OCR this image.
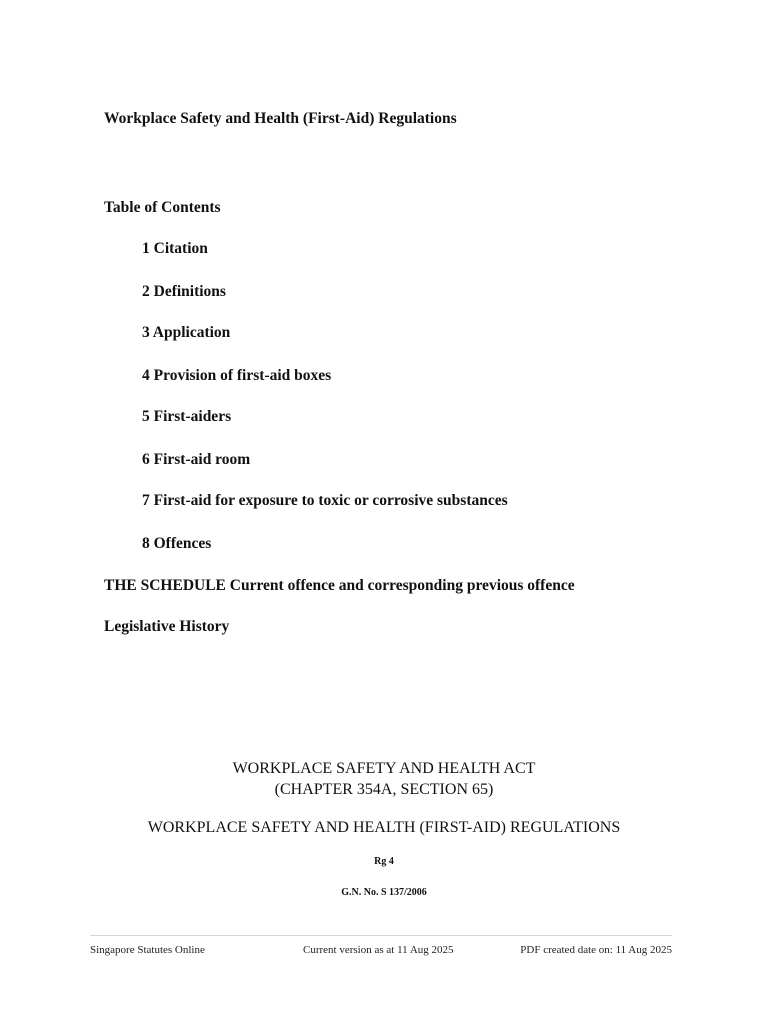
Workplace Safety and Health (First-Aid) Regulations
Table of Contents
1 Citation
2 Definitions
3 Application
4 Provision of first-aid boxes
5 First-aiders
6 First-aid room
7 First-aid for exposure to toxic or corrosive substances
8 Offences
THE SCHEDULE Current offence and corresponding previous offence
Legislative History
WORKPLACE SAFETY AND HEALTH ACT
(CHAPTER 354A, SECTION 65)
WORKPLACE SAFETY AND HEALTH (FIRST-AID) REGULATIONS
Rg 4
G.N. No. S 137/2006
Singapore Statutes Online	Current version as at 11 Aug 2025	PDF created date on: 11 Aug 2025
